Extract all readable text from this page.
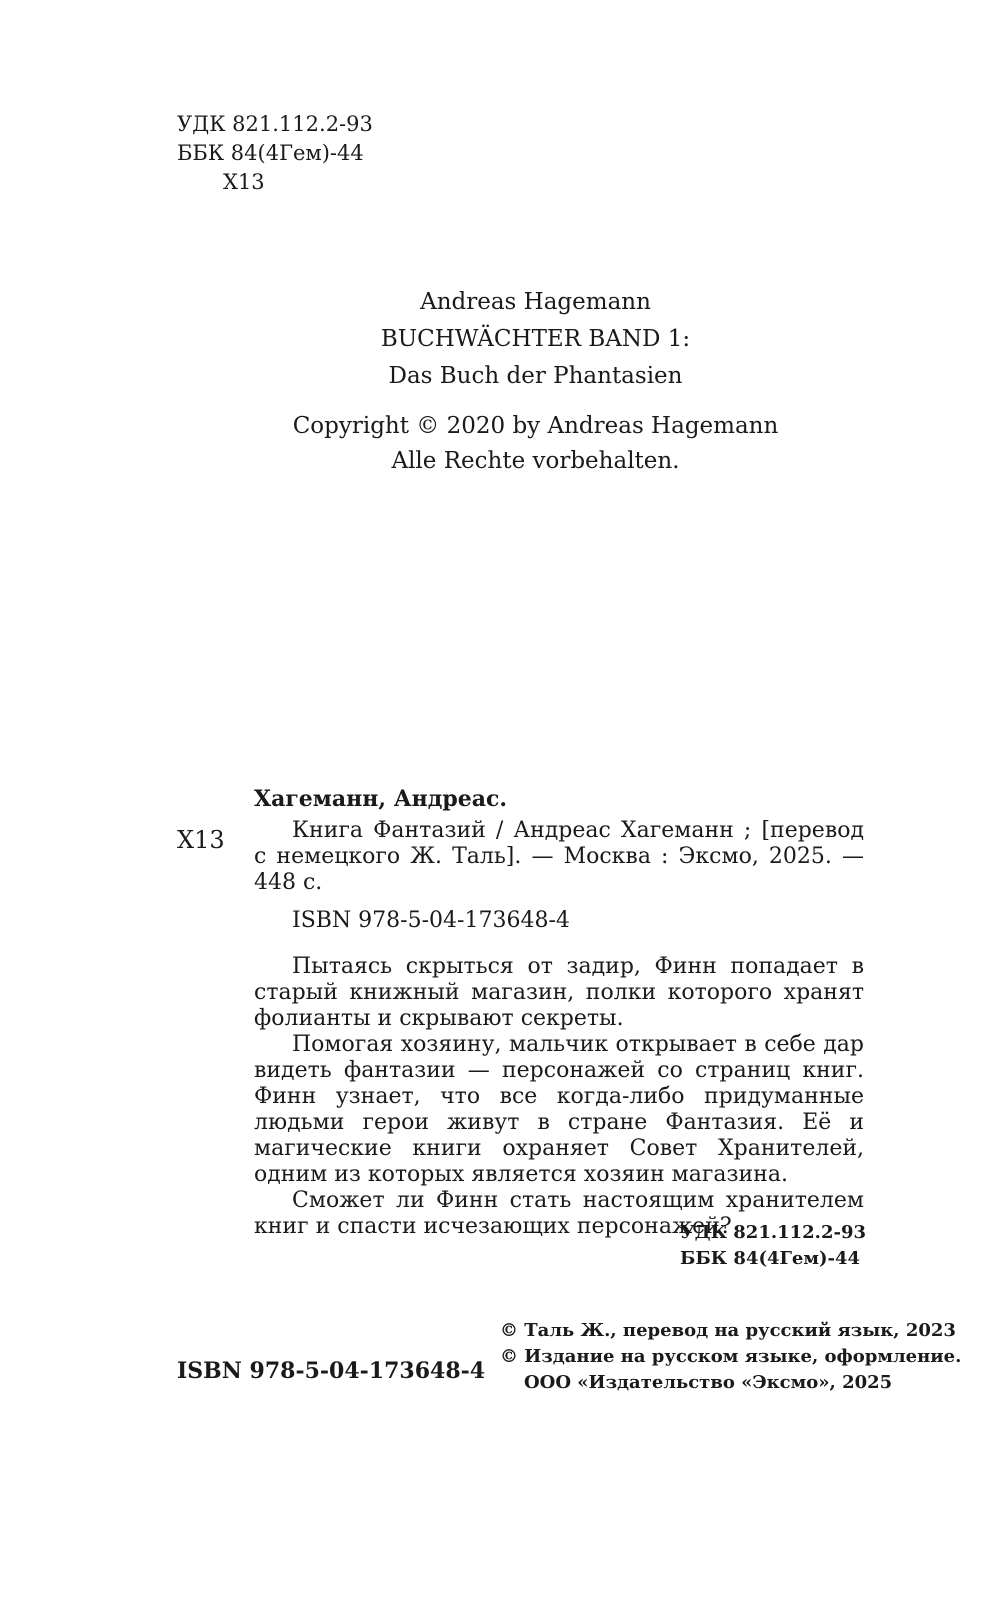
УДК 821.112.2-93
ББК 84(4Гем)-44
Х13
Andreas Hagemann
BUCHWÄCHTER BAND 1:
Das Buch der Phantasien
Copyright © 2020 by Andreas Hagemann
Alle Rechte vorbehalten.
Х13
Хагеманн, Андреас.
Книга Фантазий / Андреас Хагеманн ; [перевод с немецкого Ж. Таль]. — Москва : Эксмо, 2025. — 448 с.
ISBN 978-5-04-173648-4

Пытаясь скрыться от задир, Финн попадает в старый книжный магазин, полки которого хранят фолианты и скрывают секреты.

Помогая хозяину, мальчик открывает в себе дар видеть фантазии — персонажей со страниц книг. Финн узнает, что все когда-либо придуманные людьми герои живут в стране Фантазия. Её и магические книги охраняет Совет Хранителей, одним из которых является хозяин магазина.

Сможет ли Финн стать настоящим хранителем книг и спасти исчезающих персонажей?

УДК 821.112.2-93
ББК 84(4Гем)-44
ISBN 978-5-04-173648-4
© Таль Ж., перевод на русский язык, 2023
© Издание на русском языке, оформление.
ООО «Издательство «Эксмо», 2025
